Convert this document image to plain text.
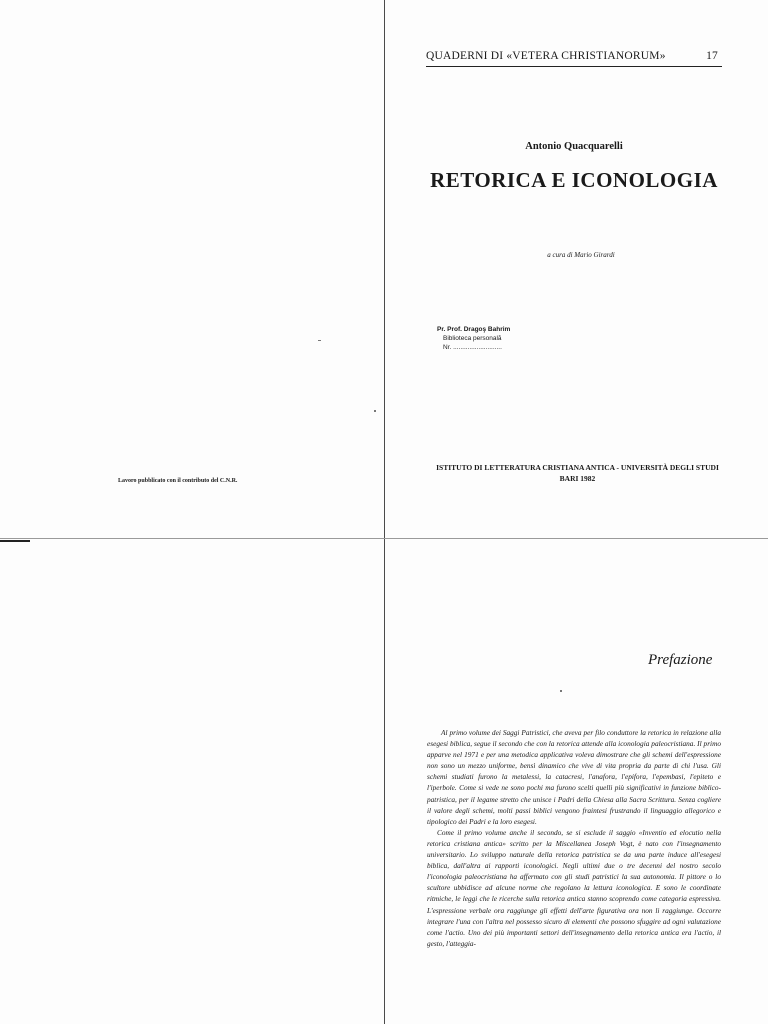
QUADERNI DI «VETERA CHRISTIANORUM»	17
Antonio Quacquarelli
RETORICA E ICONOLOGIA
a cura di Mario Girardi
Pr. Prof. Dragoş Bahrim
Biblioteca personală
Nr. ...........................
ISTITUTO DI LETTERATURA CRISTIANA ANTICA - UNIVERSITÀ DEGLI STUDI
BARI 1982
Lavoro pubblicato con il contributo del C.N.R.
Prefazione

Al primo volume dei Saggi Patristici, che aveva per filo conduttore la retorica in relazione alla esegesi biblica, segue il secondo che con la retorica attende alla iconologia paleocristiana. Il primo apparve nel 1971 e per una metodica applicativa voleva dimostrare che gli schemi dell'espressione non sono un mezzo uniforme, bensì dinamico che vive di vita propria da parte di chi l'usa. Gli schemi studiati furono la metalessi, la catacresi, l'anafora, l'epifora, l'epembasi, l'epiteto e l'iperbole. Come si vede ne sono pochi ma furono scelti quelli più significativi in funzione biblico-patristica, per il legame stretto che unisce i Padri della Chiesa alla Sacra Scrittura. Senza cogliere il valore degli schemi, molti passi biblici vengono fraintesi frustrando il linguaggio allegorico e tipologico dei Padri e la loro esegesi.

Come il primo volume anche il secondo, se si esclude il saggio «Inventio ed elocutio nella retorica cristiana antica» scritto per la Miscellanea Joseph Vogt, è nato con l'insegnamento universitario. Lo sviluppo naturale della retorica patristica se da una parte induce all'esegesi biblica, dall'altra ai rapporti iconologici. Negli ultimi due o tre decenni del nostro secolo l'iconologia paleocristiana ha affermato con gli studi patristici la sua autonomia. Il pittore o lo scultore ubbidisce ad alcune norme che regolano la lettura iconologica. E sono le coordinate ritmiche, le leggi che le ricerche sulla retorica antica stanno scoprendo come categoria espressiva. L'espressione verbale ora raggiunge gli effetti dell'arte figurativa ora non li raggiunge. Occorre integrare l'una con l'altra nel possesso sicuro di elementi che possono sfuggire ad ogni valutazione come l'actio. Uno dei più importanti settori dell'insegnamento della retorica antica era l'actio, il gesto, l'atteggia-
